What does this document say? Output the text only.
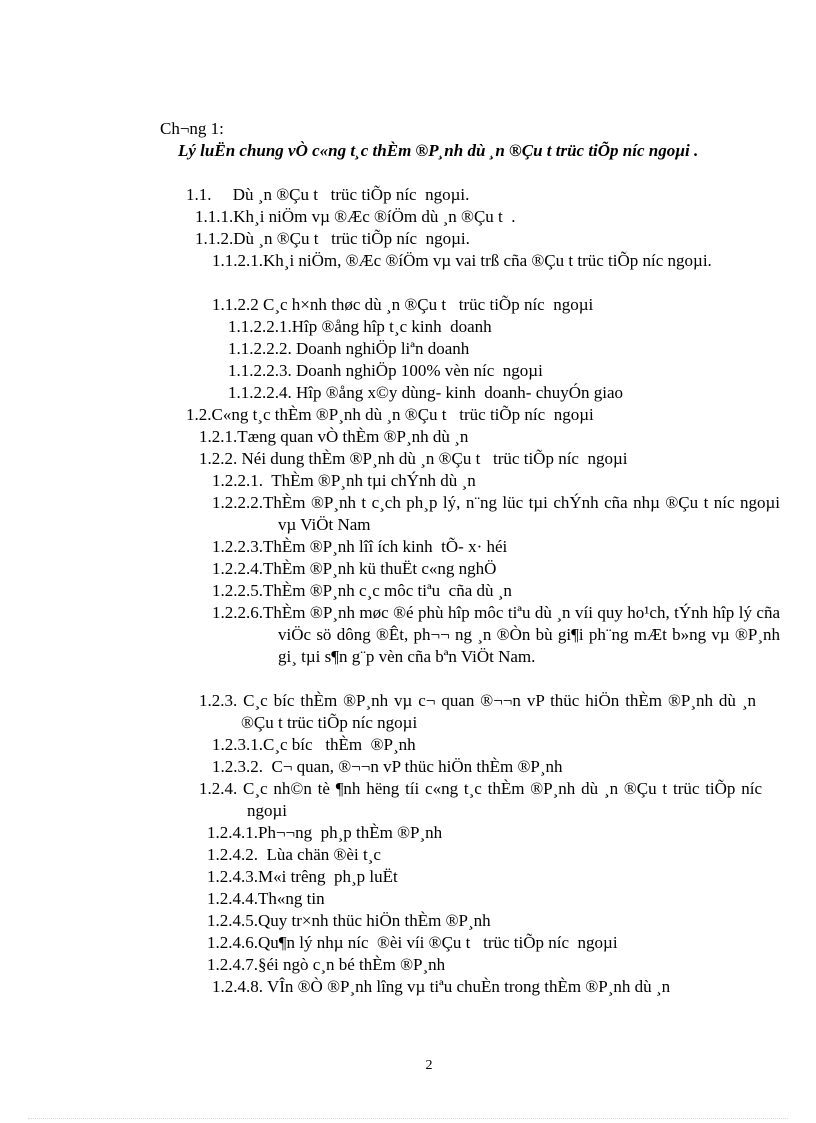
Ch¬ng 1:
Lý luËn chung vÒ c«ng t¸c thÈm ®P¸nh dù ¸n ®Çu t trüc tiÕp níc ngoµi .
1.1.     Dù ¸n ®Çu t   trüc tiÕp níc  ngoµi.
1.1.1.Kh¸i niÖm vµ ®Æc ®íÖm dù ¸n ®Çu t  .
1.1.2.Dù ¸n ®Çu t   trüc tiÕp níc  ngoµi.
1.1.2.1.Kh¸i niÖm, ®Æc ®íÖm vµ vai trß cña ®Çu t trüc tiÕp níc ngoµi.
1.1.2.2 C¸c h×nh thøc dù ¸n ®Çu t   trüc tiÕp níc  ngoµi
1.1.2.2.1.Hîp ®ång hîp t¸c kinh  doanh
1.1.2.2.2. Doanh nghiÖp liªn doanh
1.1.2.2.3. Doanh nghiÖp 100% vèn níc  ngoµi
1.1.2.2.4. Hîp ®ång x©y dùng- kinh  doanh- chuyÓn giao
1.2.C«ng t¸c thÈm ®P¸nh dù ¸n ®Çu t   trüc tiÕp níc  ngoµi
1.2.1.Tæng quan vÒ thÈm ®P¸nh dù ¸n
1.2.2. Néi dung thÈm ®P¸nh dù ¸n ®Çu t   trüc tiÕp níc  ngoµi
1.2.2.1.  ThÈm ®P¸nh tµi chÝnh dù ¸n
1.2.2.2.ThÈm ®P¸nh t c¸ch ph¸p lý, n¨ng lüc tµi chÝnh cña nhµ ®Çu t níc ngoµi vµ ViÖt Nam
1.2.2.3.ThÈm ®P¸nh lîî ích kinh  tÕ- x· héi
1.2.2.4.ThÈm ®P¸nh kü thuËt c«ng nghÖ
1.2.2.5.ThÈm ®P¸nh c¸c môc tiªu  cña dù ¸n
1.2.2.6.ThÈm ®P¸nh møc ®é phù hîp môc tiªu dù ¸n víi quy ho¹ch, tÝnh hîp lý cña viÖc sö dông ®Êt, ph¬¬ ng ¸n ®Òn bù gi¶i ph¨ng mÆt b»ng vµ ®P¸nh gi¸ tµi s¶n g¨p vèn cña bªn ViÖt Nam.
1.2.3. C¸c bíc thÈm ®P¸nh vµ c¬ quan ®¬¬n vP thüc hiÖn thÈm ®P¸nh dù ¸n ®Çu t trüc tiÕp níc ngoµi
1.2.3.1.C¸c bíc   thÈm  ®P¸nh
1.2.3.2.  C¬ quan, ®¬¬n vP thüc hiÖn thÈm ®P¸nh
1.2.4. C¸c nh©n tè ¶nh hëng tíi c«ng t¸c thÈm ®P¸nh dù ¸n ®Çu t trüc tiÕp níc ngoµi
1.2.4.1.Ph¬¬ng  ph¸p thÈm ®P¸nh
1.2.4.2.  Lùa chän ®èi t¸c
1.2.4.3.M«i trêng  ph¸p luËt
1.2.4.4.Th«ng tin
1.2.4.5.Quy tr×nh thüc hiÖn thÈm ®P¸nh
1.2.4.6.Qu¶n lý nhµ níc  ®èi víi ®Çu t   trüc tiÕp níc  ngoµi
1.2.4.7.§éi ngò c¸n bé thÈm ®P¸nh
1.2.4.8. VÎn ®Ò ®P¸nh lîng vµ tiªu chuÈn trong thÈm ®P¸nh dù ¸n
2
